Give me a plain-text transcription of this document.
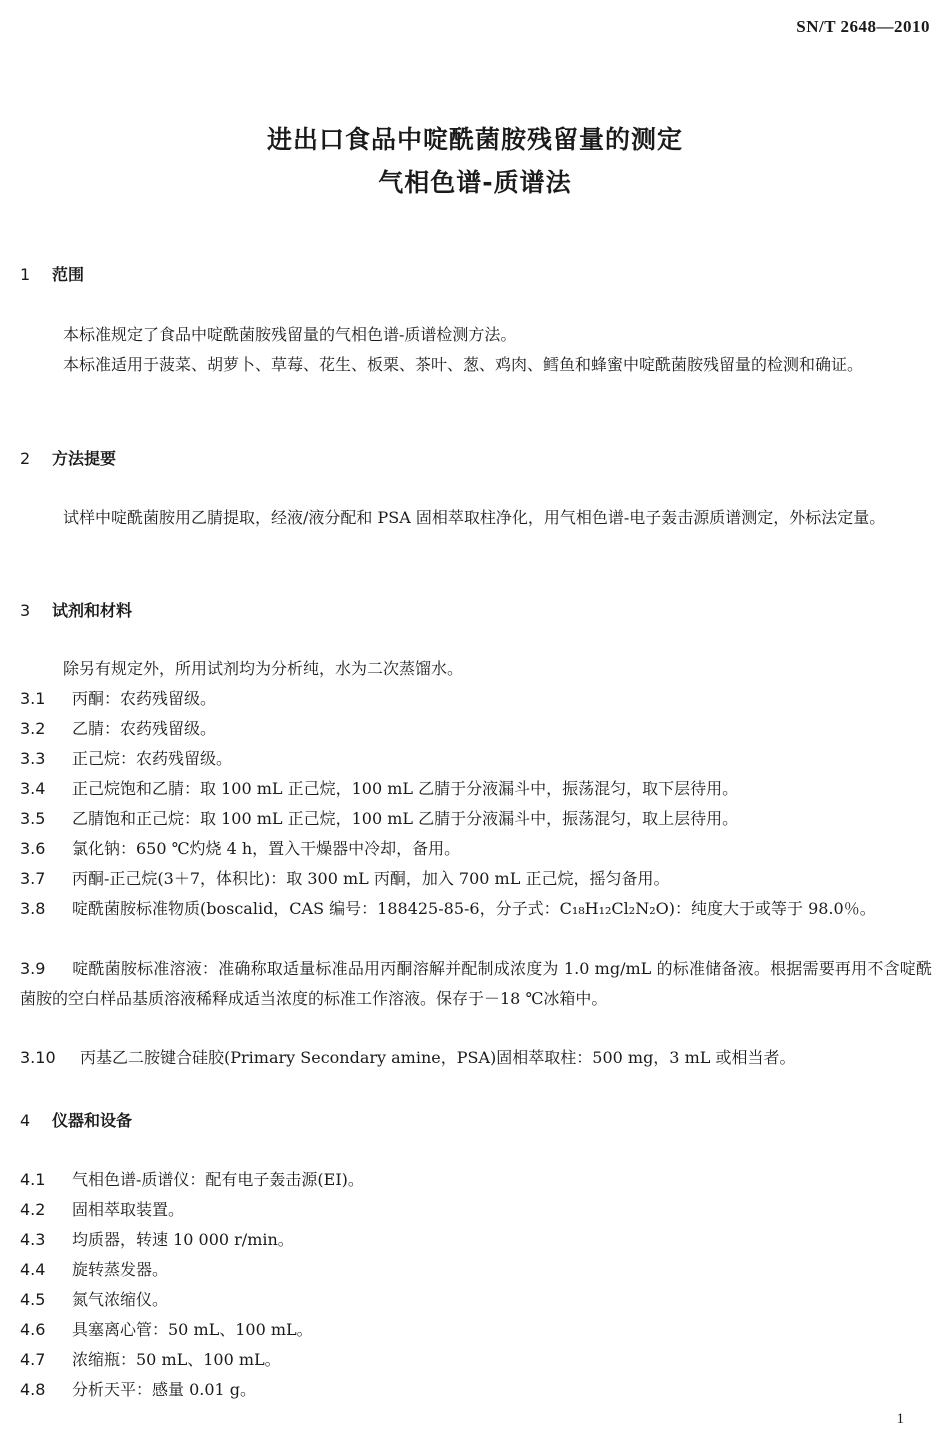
SN/T 2648—2010
进出口食品中啶酰菌胺残留量的测定
气相色谱-质谱法
1 范围
本标准规定了食品中啶酰菌胺残留量的气相色谱-质谱检测方法。
本标准适用于菠菜、胡萝卜、草莓、花生、板栗、茶叶、葱、鸡肉、鳕鱼和蜂蜜中啶酰菌胺残留量的检测和确证。
2 方法提要
试样中啶酰菌胺用乙腈提取，经液/液分配和 PSA 固相萃取柱净化，用气相色谱-电子轰击源质谱测定，外标法定量。
3 试剂和材料
除另有规定外，所用试剂均为分析纯，水为二次蒸馏水。
3.1 丙酮：农药残留级。
3.2 乙腈：农药残留级。
3.3 正己烷：农药残留级。
3.4 正己烷饱和乙腈：取 100 mL 正己烷，100 mL 乙腈于分液漏斗中，振荡混匀，取下层待用。
3.5 乙腈饱和正己烷：取 100 mL 正己烷，100 mL 乙腈于分液漏斗中，振荡混匀，取上层待用。
3.6 氯化钠：650 ℃灼烧 4 h，置入干燥器中冷却，备用。
3.7 丙酮-正己烷(3＋7，体积比)：取 300 mL 丙酮，加入 700 mL 正己烷，摇匀备用。
3.8 啶酰菌胺标准物质(boscalid，CAS 编号：188425-85-6，分子式：C₁₈H₁₂Cl₂N₂O)：纯度大于或等于 98.0％。
3.9 啶酰菌胺标准溶液：准确称取适量标准品用丙酮溶解并配制成浓度为 1.0 mg/mL 的标准储备液。根据需要再用不含啶酰菌胺的空白样品基质溶液稀释成适当浓度的标准工作溶液。保存于－18 ℃冰箱中。
3.10 丙基乙二胺键合硅胶(Primary Secondary amine，PSA)固相萃取柱：500 mg，3 mL 或相当者。
4 仪器和设备
4.1 气相色谱-质谱仪：配有电子轰击源(EI)。
4.2 固相萃取装置。
4.3 均质器，转速 10 000 r/min。
4.4 旋转蒸发器。
4.5 氮气浓缩仪。
4.6 具塞离心管：50 mL、100 mL。
4.7 浓缩瓶：50 mL、100 mL。
4.8 分析天平：感量 0.01 g。
1
